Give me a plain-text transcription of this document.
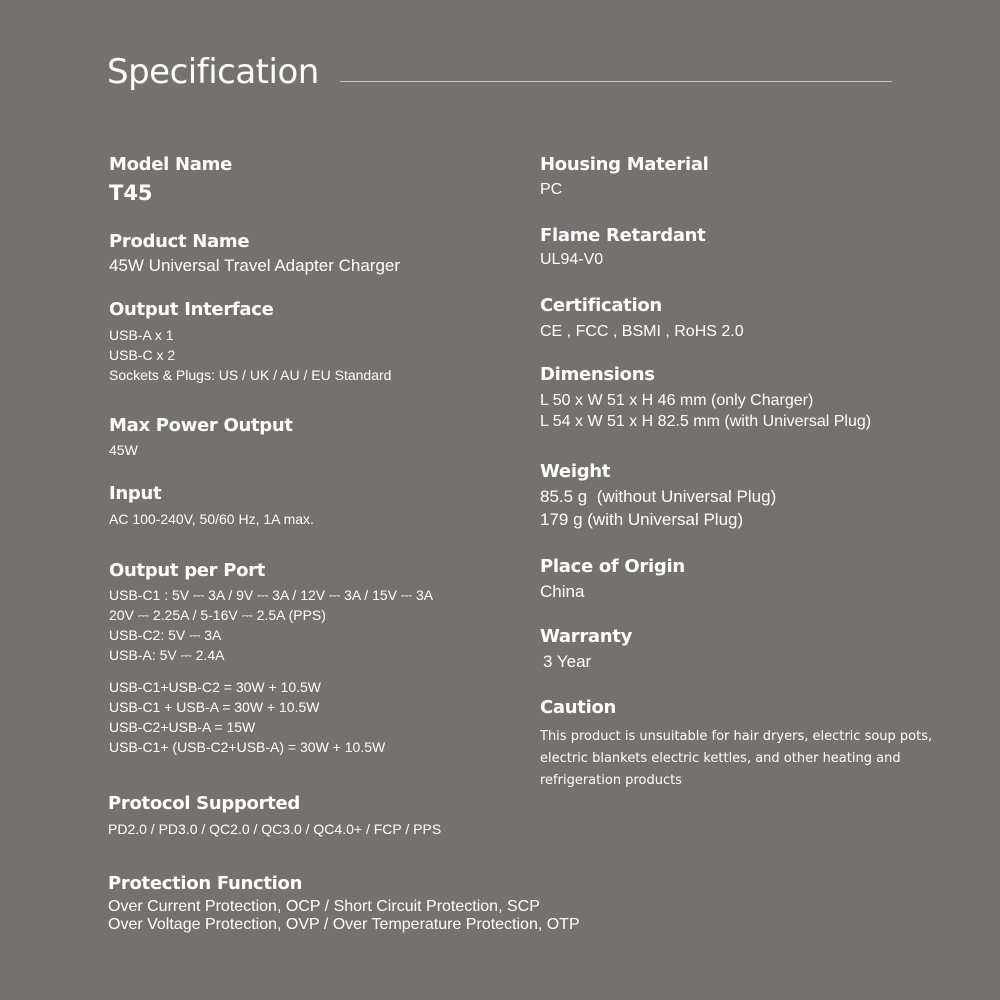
Specification
Model Name
T45
Product Name
45W Universal Travel Adapter Charger
Output Interface
USB-A x 1
USB-C x 2
Sockets & Plugs: US / UK / AU / EU Standard
Max Power Output
45W
Input
AC 100-240V, 50/60 Hz, 1A max.
Output per Port
USB-C1 : 5V ⎓ 3A / 9V ⎓ 3A / 12V ⎓ 3A / 15V ⎓ 3A
20V ⎓ 2.25A / 5-16V ⎓ 2.5A (PPS)
USB-C2: 5V ⎓ 3A
USB-A: 5V ⎓ 2.4A
USB-C1+USB-C2 = 30W + 10.5W
USB-C1 + USB-A = 30W + 10.5W
USB-C2+USB-A = 15W
USB-C1+ (USB-C2+USB-A) = 30W + 10.5W
Protocol Supported
PD2.0 / PD3.0 / QC2.0 / QC3.0 / QC4.0+ / FCP / PPS
Protection Function
Over Current Protection, OCP / Short Circuit Protection, SCP
Over Voltage Protection, OVP / Over Temperature Protection, OTP
Housing Material
PC
Flame Retardant
UL94-V0
Certification
CE , FCC , BSMI , RoHS 2.0
Dimensions
L 50 x W 51 x H 46 mm (only Charger)
L 54 x W 51 x H 82.5 mm (with Universal Plug)
Weight
85.5 g  (without Universal Plug)
179 g (with Universal Plug)
Place of Origin
China
Warranty
3 Year
Caution
This product is unsuitable for hair dryers, electric soup pots,
electric blankets electric kettles, and other heating and
refrigeration products
